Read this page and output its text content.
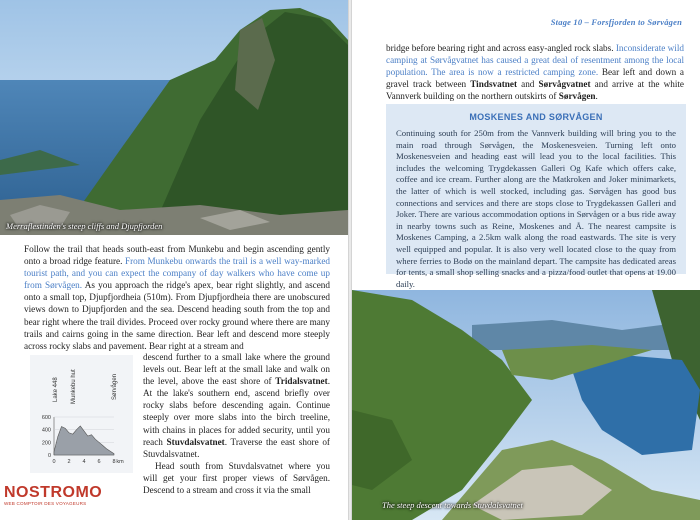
Merraflestinden's steep cliffs and Djupfjorden

Follow the trail that heads south-east from Munkebu and begin ascending gently onto a broad ridge feature. From Munkebu onwards the trail is a well way-marked tourist path, and you can expect the company of day walkers who have come up from Sørvågen. As you approach the ridge's apex, bear right slightly, and ascend onto a small top, Djupfjordheia (510m). From Djupfjordheia there are unobscured views down to Djupfjorden and the sea. Descend heading south from the top and bear right where the trail divides. Proceed over rocky ground where there are many trails and cairns going in the same direction. Bear left and descend more steeply across rocky slabs and pavement. Bear right at a stream and

Lake 448 Munkebu hut	Sørvågen
600
400
200
0
0 2 4 6 8 km

descend further to a small lake where the ground levels out. Bear left at the small lake and walk on the level, above the east shore of Tridalsvatnet. At the lake's southern end, ascend briefly over rocky slabs before descending again. Continue steeply over more slabs into the birch treeline, with chains in places for added security, until you reach Stuvdalsvatnet. Traverse the east shore of Stuvdalsvatnet.

Head south from Stuvdalsvatnet where you will get your first proper views of Sørvågen. Descend to a stream and cross it via the small

NOSTROMO
WEB COMPTOIR DES VOYAGEURS
Stage 10 – Forsfjorden to Sørvågen

bridge before bearing right and across easy-angled rock slabs. Inconsiderate wild camping at Sørvågvatnet has caused a great deal of resentment among the local population. The area is now a restricted camping zone. Bear left and down a gravel track between Tindsvatnet and Sørvågvatnet and arrive at the white Vannverk building on the northern outskirts of Sørvågen.

MOSKENES AND SØRVÅGEN
Continuing south for 250m from the Vannverk building will bring you to the main road through Sørvågen, the Moskenesveien. Turning left onto Moskenesveien and heading east will lead you to the local facilities. This includes the welcoming Trygdekassen Galleri Og Kafe which offers cake, coffee and ice cream. Further along are the Matkroken and Joker minimarkets, the latter of which is well stocked, including gas. Sørvågen has good bus connections and services and there are stops close to Trygdekassen Galleri and Joker. There are various accommodation options in Sørvågen or a bus ride away in nearby towns such as Reine, Moskenes and Å. The nearest campsite is Moskenes Camping, a 2.5km walk along the road eastwards. The site is very well equipped and popular. It is also very well located close to the quay from where ferries to Bodø on the mainland depart. The campsite has dedicated areas for tents, a small shop selling snacks and a pizza/food outlet that opens at 19.00 daily.
The steep descent towards Stuvdalsvatnet
